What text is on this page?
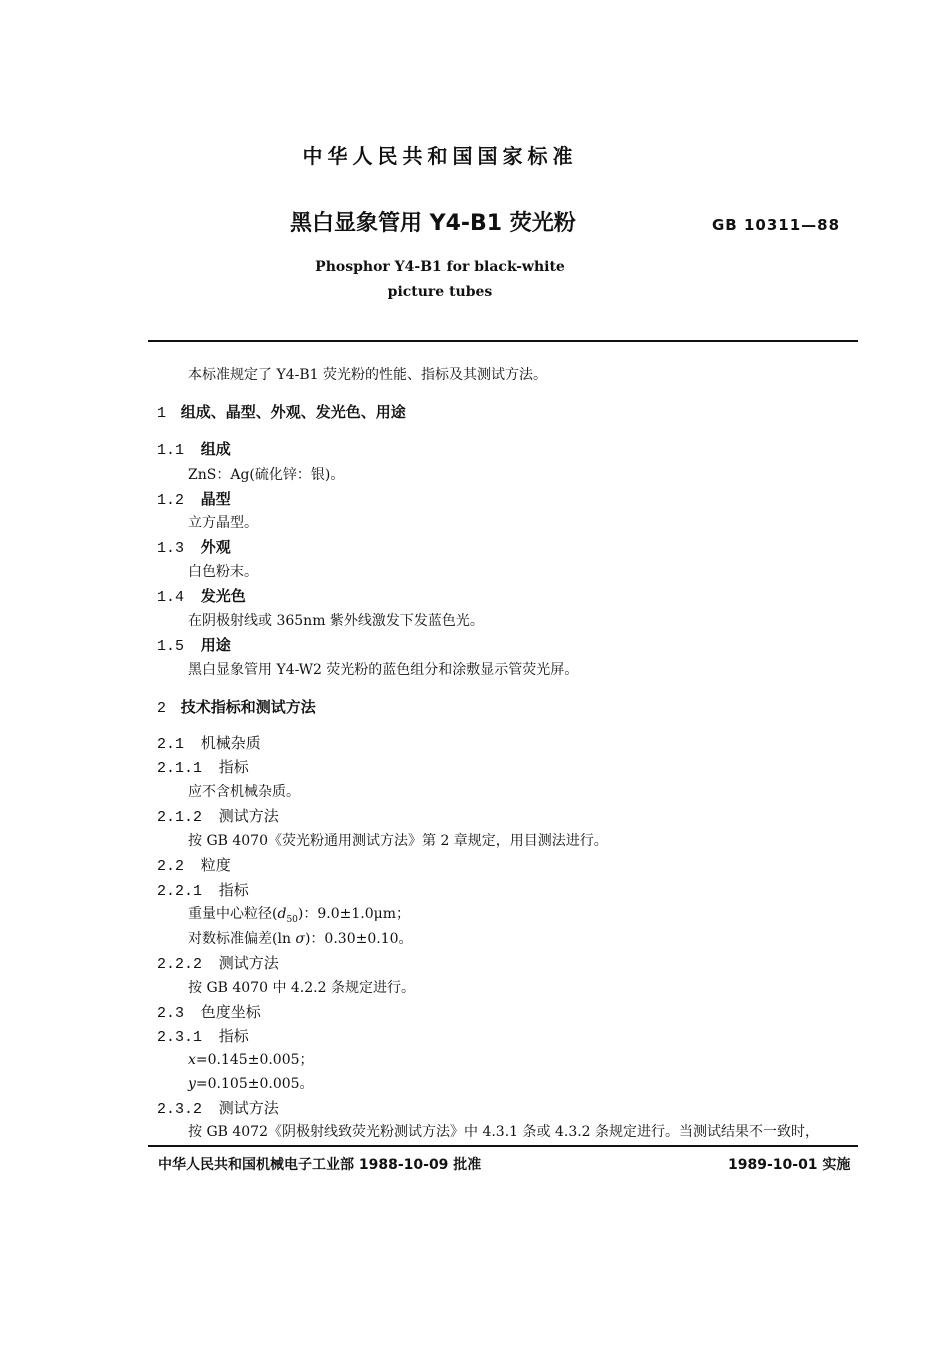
中华人民共和国国家标准
黑白显象管用 Y4-B1 荧光粉	GB 10311—88
Phosphor Y4-B1 for black-white
picture tubes
本标准规定了 Y4-B1 荧光粉的性能、指标及其测试方法。
1 组成、晶型、外观、发光色、用途
1.1 组成
ZnS：Ag(硫化锌：银)。
1.2 晶型
立方晶型。
1.3 外观
白色粉末。
1.4 发光色
在阴极射线或 365nm 紫外线激发下发蓝色光。
1.5 用途
黑白显象管用 Y4-W2 荧光粉的蓝色组分和涂敷显示管荧光屏。
2 技术指标和测试方法
2.1 机械杂质
2.1.1 指标
应不含机械杂质。
2.1.2 测试方法
按 GB 4070《荧光粉通用测试方法》第 2 章规定，用目测法进行。
2.2 粒度
2.2.1 指标
重量中心粒径$(d_{50})$：9.0±1.0μm；
对数标准偏差(ln σ)：0.30±0.10。
2.2.2 测试方法
按 GB 4070 中 4.2.2 条规定进行。
2.3 色度坐标
2.3.1 指标
x=0.145±0.005；
y=0.105±0.005。
2.3.2 测试方法
按 GB 4072《阴极射线致荧光粉测试方法》中 4.3.1 条或 4.3.2 条规定进行。当测试结果不一致时，
中华人民共和国机械电子工业部 1988-10-09 批准	1989-10-01 实施
